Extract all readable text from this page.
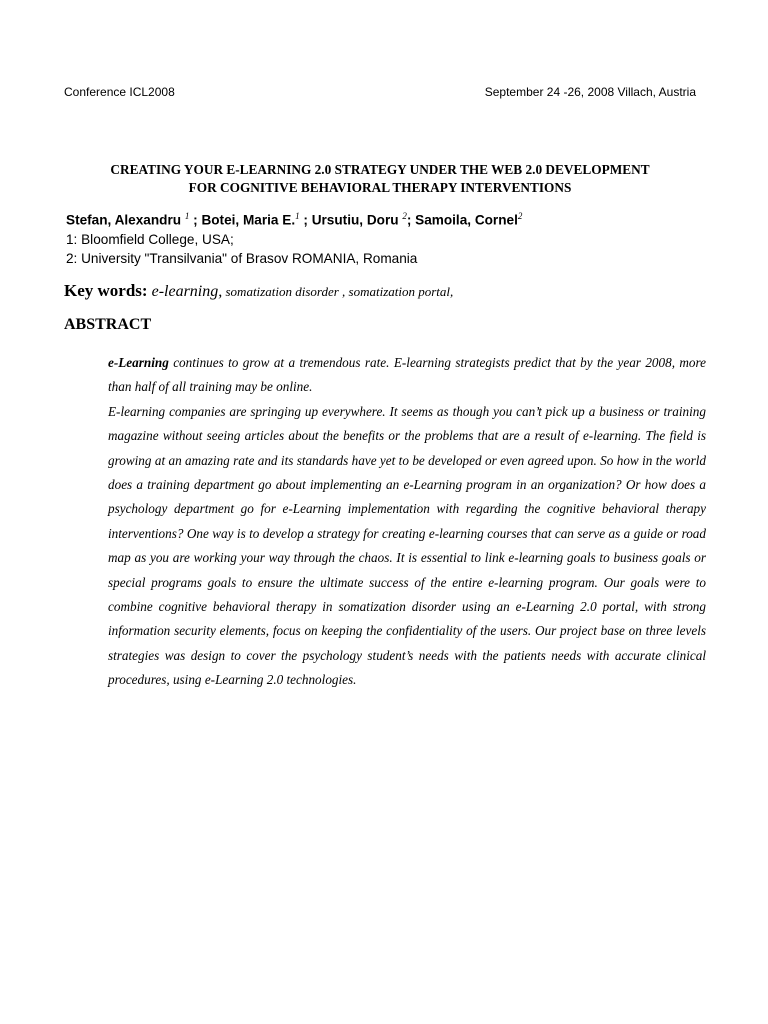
Conference ICL2008	September 24 -26, 2008 Villach, Austria
CREATING YOUR E-LEARNING 2.0 STRATEGY UNDER THE WEB 2.0 DEVELOPMENT
FOR COGNITIVE BEHAVIORAL THERAPY INTERVENTIONS
Stefan, Alexandru $^1$ ; Botei, Maria E.$^1$ ; Ursutiu, Doru $^2$; Samoila, Cornel$^2$
1: Bloomfield College, USA;
2: University "Transilvania" of Brasov ROMANIA, Romania
Key words: e-learning, somatization disorder , somatization portal,
ABSTRACT

e-Learning continues to grow at a tremendous rate. E-learning strategists predict that by the year 2008, more than half of all training may be online.

E-learning companies are springing up everywhere. It seems as though you can’t pick up a business or training magazine without seeing articles about the benefits or the problems that are a result of e-learning. The field is growing at an amazing rate and its standards have yet to be developed or even agreed upon. So how in the world does a training department go about implementing an e-Learning program in an organization? Or how does a psychology department go for e-Learning implementation with regarding the cognitive behavioral therapy interventions? One way is to develop a strategy for creating e-learning courses that can serve as a guide or road map as you are working your way through the chaos. It is essential to link e-learning goals to business goals or special programs goals to ensure the ultimate success of the entire e-learning program. Our goals were to combine cognitive behavioral therapy in somatization disorder using an e-Learning 2.0 portal, with strong information security elements, focus on keeping the confidentiality of the users. Our project base on three levels strategies was design to cover the psychology student’s needs with the patients needs with accurate clinical procedures, using e-Learning 2.0 technologies.
